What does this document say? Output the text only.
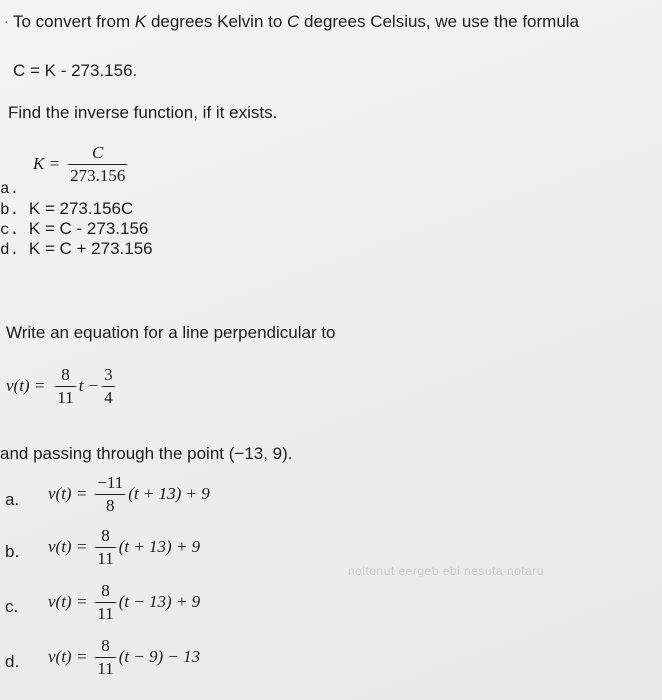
. To convert from K degrees Kelvin to C degrees Celsius, we use the formula
C = K - 273.156.
Find the inverse function, if it exists.
$K = \frac{C}{273.156}$
a.
b. K = 273.156C
c. K = C - 273.156
d. K = C + 273.156
Write an equation for a line perpendicular to
$v(t) = \frac{8}{11}$ $t - \frac{3}{4}$
and passing through the point (−13, 9).
a. $v(t) = \frac{-11}{8} (t + 13) + 9$
b. $v(t) = \frac{8}{11} (t + 13) + 9$
noitonut eergeb ebi nesuta notaru
c. $v(t) = \frac{8}{11} (t - 13) + 9$
d. $v(t) = \frac{8}{11} (t - 9) - 13$
